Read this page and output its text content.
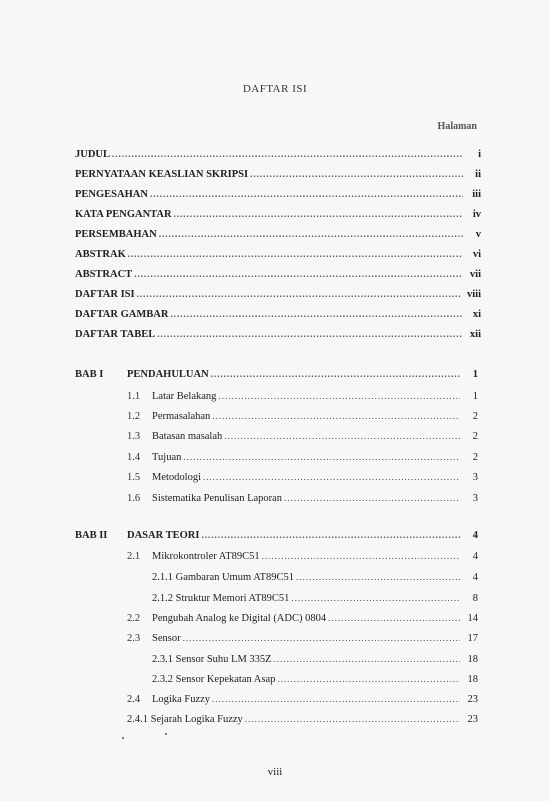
DAFTAR ISI
Halaman
JUDUL .....	i
PERNYATAAN KEASLIAN SKRIPSI .....	ii
PENGESAHAN .....	iii
KATA PENGANTAR .....	iv
PERSEMBAHAN .....	v
ABSTRAK .....	vi
ABSTRACT .....	vii
DAFTAR ISI .....	viii
DAFTAR GAMBAR .....	xi
DAFTAR TABEL .....	xii
BAB I PENDAHULUAN .....	1
1.1 Latar Belakang .....	1
1.2 Permasalahan .....	2
1.3 Batasan masalah .....	2
1.4 Tujuan .....	2
1.5 Metodologi .....	3
1.6 Sistematika Penulisan Laporan .....	3
BAB II DASAR TEORI .....	4
2.1 Mikrokontroler AT89C51 .....	4
2.1.1 Gambaran Umum AT89C51 .....	4
2.1.2 Struktur Memori AT89C51 .....	8
2.2 Pengubah Analog ke Digital (ADC) 0804 .....	14
2.3 Sensor .....	17
2.3.1 Sensor Suhu LM 335Z .....	18
2.3.2 Sensor Kepekatan Asap .....	18
2.4 Logika Fuzzy .....	23
2.4.1 Sejarah Logika Fuzzy .....	23
viii
